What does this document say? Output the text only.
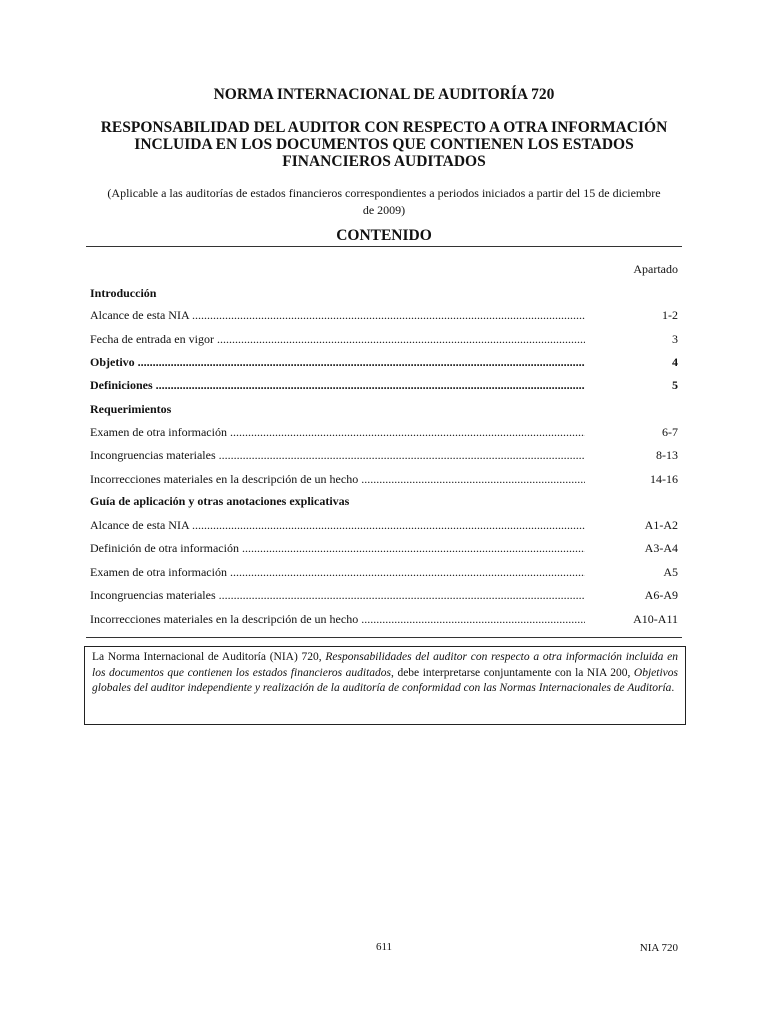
NORMA INTERNACIONAL DE AUDITORÍA 720
RESPONSABILIDAD DEL AUDITOR CON RESPECTO A OTRA INFORMACIÓN
INCLUIDA EN LOS DOCUMENTOS QUE CONTIENEN LOS ESTADOS
FINANCIEROS AUDITADOS
(Aplicable a las auditorías de estados financieros correspondientes a periodos iniciados a partir del 15 de diciembre
de 2009)
CONTENIDO
Apartado
Introducción
Alcance de esta NIA .....	1-2
Fecha de entrada en vigor .....	3
Objetivo .....	4
Definiciones .....	5
Requerimientos
Examen de otra información .....	6-7
Incongruencias materiales .....	8-13
Incorrecciones materiales en la descripción de un hecho .....	14-16
Guía de aplicación y otras anotaciones explicativas
Alcance de esta NIA .....	A1-A2
Definición de otra información .....	A3-A4
Examen de otra información .....	A5
Incongruencias materiales .....	A6-A9
Incorrecciones materiales en la descripción de un hecho .....	A10-A11
La Norma Internacional de Auditoría (NIA) 720, Responsabilidades del auditor con respecto a otra información incluida en los documentos que contienen los estados financieros auditados, debe interpretarse conjuntamente con la NIA 200, Objetivos globales del auditor independiente y realización de la auditoría de conformidad con las Normas Internacionales de Auditoría.
611	NIA 720
